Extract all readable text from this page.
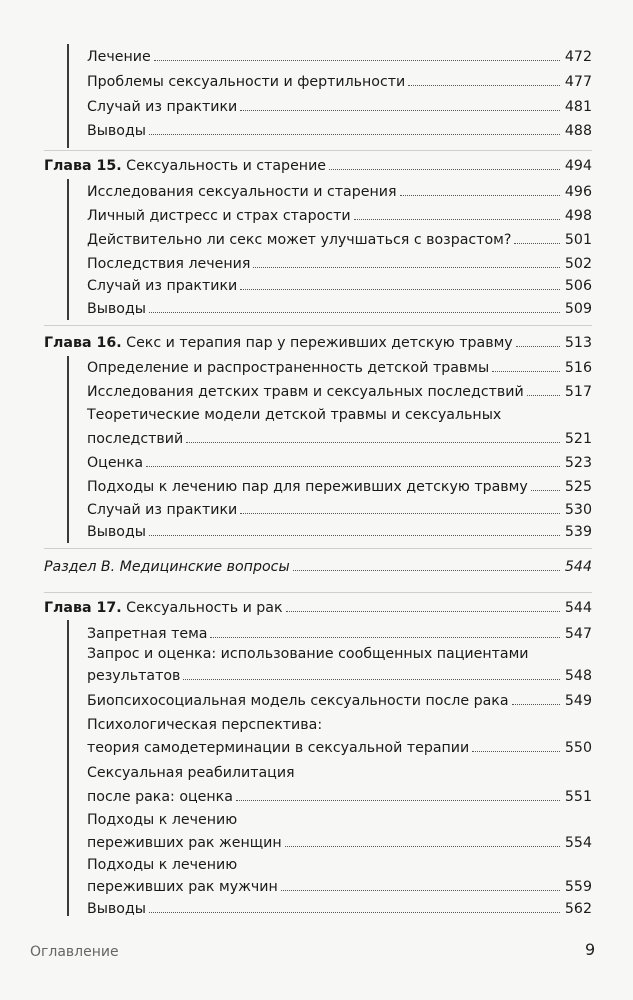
Лечение	472
Проблемы сексуальности и фертильности	477
Случай из практики	481
Выводы	488
Глава 15. Сексуальность и старение	494
Исследования сексуальности и старения	496
Личный дистресс и страх старости	498
Действительно ли секс может улучшаться с возрастом?	501
Последствия лечения	502
Случай из практики	506
Выводы	509
Глава 16. Секс и терапия пар у переживших детскую травму	513
Определение и распространенность детской травмы	516
Исследования детских травм и сексуальных последствий	517
Теоретические модели детской травмы и сексуальных
последствий	521
Оценка	523
Подходы к лечению пар для переживших детскую травму	525
Случай из практики	530
Выводы	539
Раздел В. Медицинские вопросы	544
Глава 17. Сексуальность и рак	544
Запретная тема	547
Запрос и оценка: использование сообщенных пациентами
результатов	548
Биопсихосоциальная модель сексуальности после рака	549
Психологическая перспектива:
теория самодетерминации в сексуальной терапии	550
Сексуальная реабилитация
после рака: оценка	551
Подходы к лечению
переживших рак женщин	554
Подходы к лечению
переживших рак мужчин	559
Выводы	562
Оглавление	9
